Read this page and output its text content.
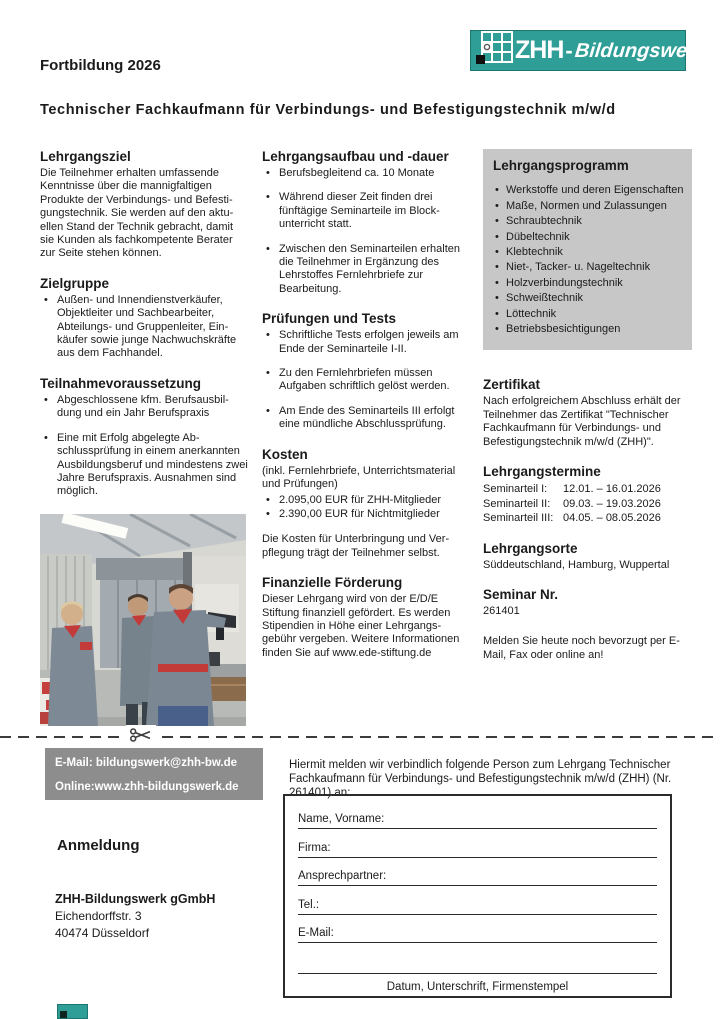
Fortbildung 2026
ZHH - Bildungswerk
Technischer Fachkaufmann für Verbindungs- und Befestigungstechnik m/w/d
Lehrgangsziel

Die Teilnehmer erhalten umfassende Kenntnisse über die mannigfaltigen Produkte der Verbindungs- und Befestigungstechnik. Sie werden auf den aktuellen Stand der Technik gebracht, damit sie Kunden als fachkompetente Berater zur Seite stehen können.

Zielgruppe
• Außen- und Innendienstverkäufer, Objektleiter und Sachbearbeiter, Abteilungs- und Gruppenleiter, Einkäufer sowie junge Nachwuchskräfte aus dem Fachhandel.
Teilnahmevoraussetzung
• Abgeschlossene kfm. Berufsausbildung und ein Jahr Berufspraxis
• Eine mit Erfolg abgelegte Abschlussprüfung in einem anerkannten Ausbildungsberuf und mindestens zwei Jahre Berufspraxis. Ausnahmen sind möglich.
Lehrgangsaufbau und -dauer
• Berufsbegleitend ca. 10 Monate
• Während dieser Zeit finden drei fünftägige Seminarteile im Blockunterricht statt.
• Zwischen den Seminarteilen erhalten die Teilnehmer in Ergänzung des Lehrstoffes Fernlehrbriefe zur Bearbeitung.
Prüfungen und Tests
• Schriftliche Tests erfolgen jeweils am Ende der Seminarteile I-II.
• Zu den Fernlehrbriefen müssen Aufgaben schriftlich gelöst werden.
• Am Ende des Seminarteils III erfolgt eine mündliche Abschlussprüfung.
Kosten

(inkl. Fernlehrbriefe, Unterrichtsmaterial und Prüfungen)

• 2.095,00 EUR für ZHH-Mitglieder
• 2.390,00 EUR für Nichtmitglieder

Die Kosten für Unterbringung und Verpflegung trägt der Teilnehmer selbst.

Finanzielle Förderung

Dieser Lehrgang wird von der E/D/E Stiftung finanziell gefördert. Es werden Stipendien in Höhe einer Lehrgangsgebühr vergeben. Weitere Informationen finden Sie auf www.ede-stiftung.de

Lehrgangsprogramm
• Werkstoffe und deren Eigenschaften
• Maße, Normen und Zulassungen
• Schraubtechnik
• Dübeltechnik
• Klebtechnik
• Niet-, Tacker- u. Nageltechnik
• Holzverbindungstechnik
• Schweißtechnik
• Löttechnik
• Betriebsbesichtigungen
Zertifikat

Nach erfolgreichem Abschluss erhält der Teilnehmer das Zertifikat "Technischer Fachkaufmann für Verbindungs- und Befestigungstechnik m/w/d (ZHH)".

Lehrgangstermine
Seminarteil I:	12.01. – 16.01.2026
Seminarteil II:	09.03. – 19.03.2026
Seminarteil III: 04.05. – 08.05.2026
Lehrgangsorte

Süddeutschland, Hamburg, Wuppertal

Seminar Nr.

261401

Melden Sie heute noch bevorzugt per E-Mail, Fax oder online an!

E-Mail: bildungswerk@zhh-bw.de
Online:www.zhh-bildungswerk.de
Anmeldung
ZHH-Bildungswerk gGmbH
Eichendorffstr. 3
40474 Düsseldorf

Hiermit melden wir verbindlich folgende Person zum Lehrgang Technischer Fachkaufmann für Verbindungs- und Befestigungstechnik m/w/d (ZHH) (Nr. 261401) an:

Name, Vorname:
Firma:
Ansprechpartner:
Tel.:
E-Mail:
Datum, Unterschrift, Firmenstempel
